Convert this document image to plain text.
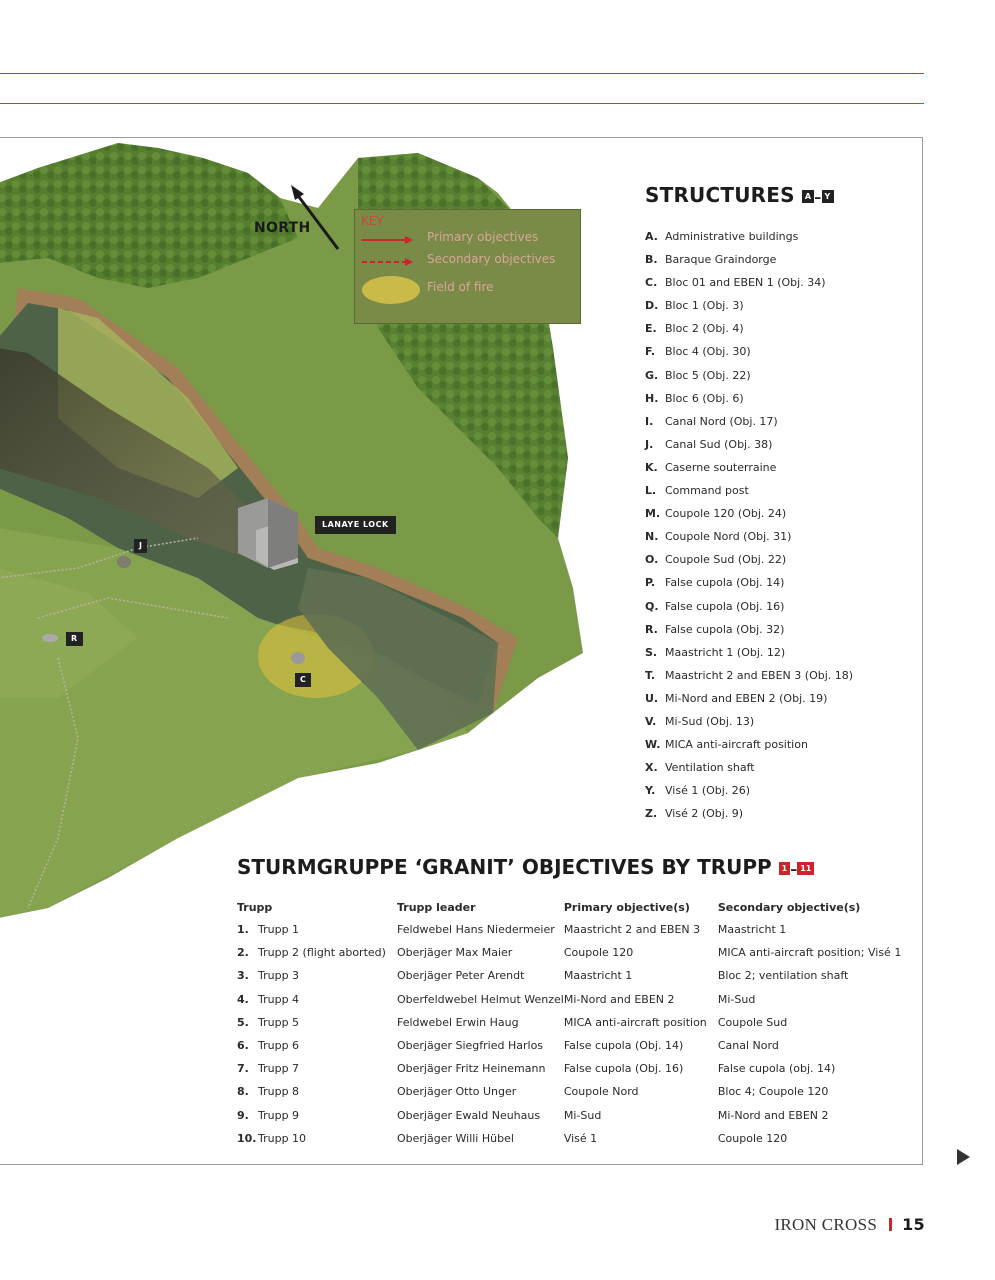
NORTH	KEY
Primary objectives
Secondary objectives
Field of fire
LANAYE LOCK
J
R
C
STRUCTURES A – Y
A. Administrative buildings
B. Baraque Graindorge
C. Bloc 01 and EBEN 1 (Obj. 34)
D. Bloc 1 (Obj. 3)
E. Bloc 2 (Obj. 4)
F. Bloc 4 (Obj. 30)
G. Bloc 5 (Obj. 22)
H. Bloc 6 (Obj. 6)
I. Canal Nord (Obj. 17)
J. Canal Sud (Obj. 38)
K. Caserne souterraine
L. Command post
M. Coupole 120 (Obj. 24)
N. Coupole Nord (Obj. 31)
O. Coupole Sud (Obj. 22)
P. False cupola (Obj. 14)
Q. False cupola (Obj. 16)
R. False cupola (Obj. 32)
S. Maastricht 1 (Obj. 12)
T. Maastricht 2 and EBEN 3 (Obj. 18)
U. Mi-Nord and EBEN 2 (Obj. 19)
V. Mi-Sud (Obj. 13)
W. MICA anti-aircraft position
X. Ventilation shaft
Y. Visé 1 (Obj. 26)
Z. Visé 2 (Obj. 9)
STURMGRUPPE ‘GRANIT’ OBJECTIVES BY TRUPP 1 – 11
Trupp	Trupp leader	Primary objective(s)	Secondary objective(s)
1. Trupp 1	Feldwebel Hans Niedermeier	Maastricht 2 and EBEN 3	Maastricht 1
2. Trupp 2 (flight aborted)	Oberjäger Max Maier	Coupole 120	MICA anti-aircraft position; Visé 1
3. Trupp 3	Oberjäger Peter Arendt	Maastricht 1	Bloc 2; ventilation shaft
4. Trupp 4	Oberfeldwebel Helmut Wenzel	Mi-Nord and EBEN 2	Mi-Sud
5. Trupp 5	Feldwebel Erwin Haug	MICA anti-aircraft position	Coupole Sud
6. Trupp 6	Oberjäger Siegfried Harlos	False cupola (Obj. 14)	Canal Nord
7. Trupp 7	Oberjäger Fritz Heinemann	False cupola (Obj. 16)	False cupola (obj. 14)
8. Trupp 8	Oberjäger Otto Unger	Coupole Nord	Bloc 4; Coupole 120
9. Trupp 9	Oberjäger Ewald Neuhaus	Mi-Sud	Mi-Nord and EBEN 2
10. Trupp 10	Oberjäger Willi Hübel	Visé 1	Coupole 120
IRON CROSS 15
